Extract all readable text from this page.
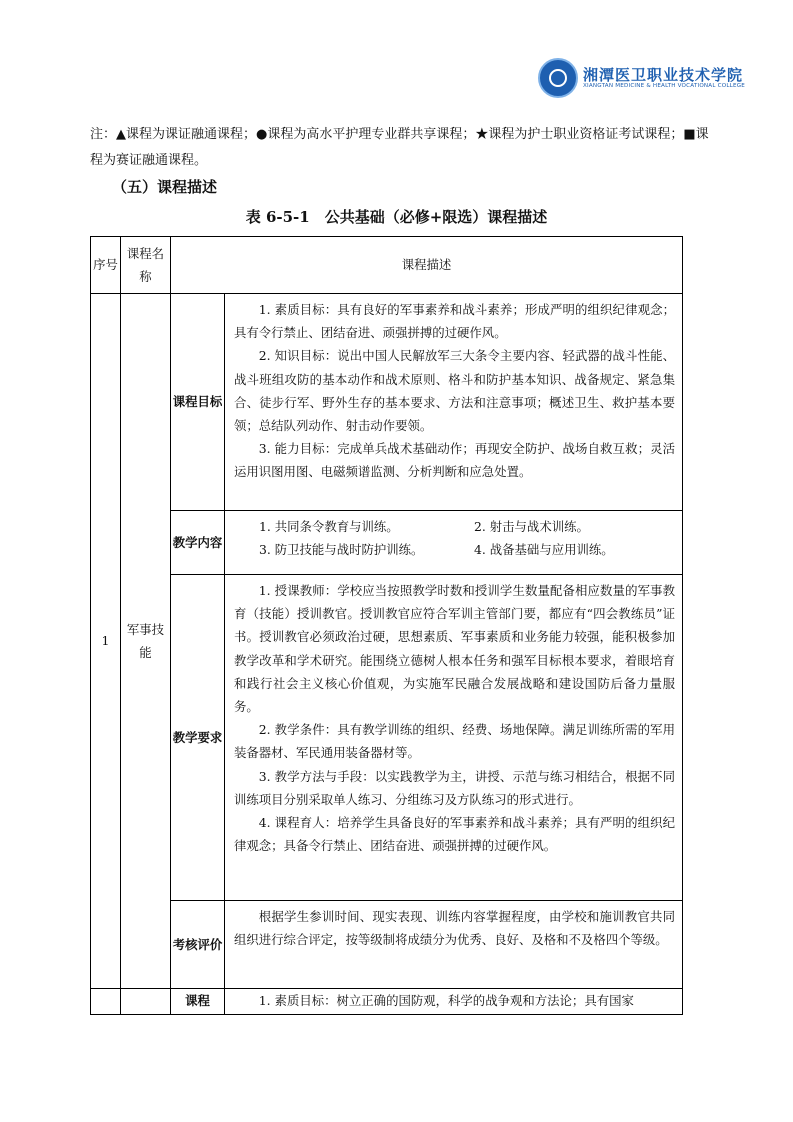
湘潭医卫职业技术学院
XIANGTAN MEDICINE & HEALTH VOCATIONAL COLLEGE
注：▲课程为课证融通课程；●课程为高水平护理专业群共享课程；★课程为护士职业资格证考试课程；■课程为赛证融通课程。
（五）课程描述
表 6-5-1　公共基础（必修+限选）课程描述
序号	课程名称	课程描述	
1	军事技能	课程目标	1. 素质目标：具有良好的军事素养和战斗素养；形成严明的组织纪律观念；具有令行禁止、团结奋进、顽强拼搏的过硬作风。

2. 知识目标：说出中国人民解放军三大条令主要内容、轻武器的战斗性能、战斗班组攻防的基本动作和战术原则、格斗和防护基本知识、战备规定、紧急集合、徒步行军、野外生存的基本要求、方法和注意事项；概述卫生、救护基本要领；总结队列动作、射击动作要领。

3. 能力目标：完成单兵战术基础动作；再现安全防护、战场自救互救；灵活运用识图用图、电磁频谱监测、分析判断和应急处置。

		教学内容	1. 共同条令教育与训练。 2. 射击与战术训练。
3. 防卫技能与战时防护训练。 4. 战备基础与应用训练。

		教学要求	1. 授课教师：学校应当按照教学时数和授训学生数量配备相应数量的军事教育（技能）授训教官。授训教官应符合军训主管部门要，都应有“四会教练员”证书。授训教官必须政治过硬，思想素质、军事素质和业务能力较强，能积极参加教学改革和学术研究。能围绕立德树人根本任务和强军目标根本要求，着眼培育和践行社会主义核心价值观，为实施军民融合发展战略和建设国防后备力量服务。

2. 教学条件：具有教学训练的组织、经费、场地保障。满足训练所需的军用装备器材、军民通用装备器材等。

3. 教学方法与手段：以实践教学为主，讲授、示范与练习相结合，根据不同训练项目分别采取单人练习、分组练习及方队练习的形式进行。

4. 课程育人：培养学生具备良好的军事素养和战斗素养；具有严明的组织纪律观念；具备令行禁止、团结奋进、顽强拼搏的过硬作风。

		考核评价	根据学生参训时间、现实表现、训练内容掌握程度，由学校和施训教官共同组织进行综合评定，按等级制将成绩分为优秀、良好、及格和不及格四个等级。

		课程	1. 素质目标：树立正确的国防观，科学的战争观和方法论；具有国家
